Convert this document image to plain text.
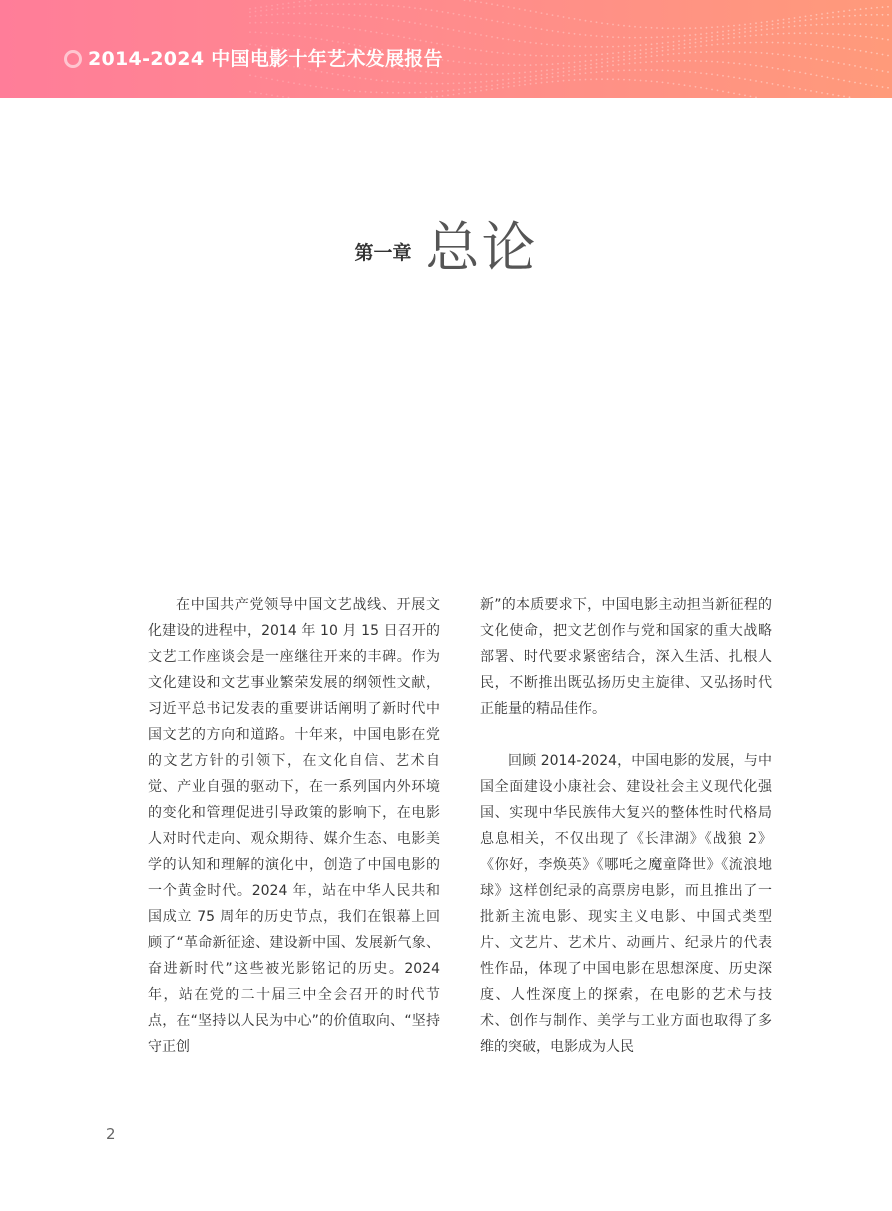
2014-2024 中国电影十年艺术发展报告
第一章 总论

在中国共产党领导中国文艺战线、开展文化建设的进程中，2014 年 10 月 15 日召开的文艺工作座谈会是一座继往开来的丰碑。作为文化建设和文艺事业繁荣发展的纲领性文献，习近平总书记发表的重要讲话阐明了新时代中国文艺的方向和道路。十年来，中国电影在党的文艺方针的引领下，在文化自信、艺术自觉、产业自强的驱动下，在一系列国内外环境的变化和管理促进引导政策的影响下，在电影人对时代走向、观众期待、媒介生态、电影美学的认知和理解的演化中，创造了中国电影的一个黄金时代。2024 年，站在中华人民共和国成立 75 周年的历史节点，我们在银幕上回顾了“革命新征途、建设新中国、发展新气象、奋进新时代”这些被光影铭记的历史。2024 年，站在党的二十届三中全会召开的时代节点，在“坚持以人民为中心”的价值取向、“坚持守正创

新”的本质要求下，中国电影主动担当新征程的文化使命，把文艺创作与党和国家的重大战略部署、时代要求紧密结合，深入生活、扎根人民，不断推出既弘扬历史主旋律、又弘扬时代正能量的精品佳作。

回顾 2014-2024，中国电影的发展，与中国全面建设小康社会、建设社会主义现代化强国、实现中华民族伟大复兴的整体性时代格局息息相关，不仅出现了《长津湖》《战狼 2》《你好，李焕英》《哪吒之魔童降世》《流浪地球》这样创纪录的高票房电影，而且推出了一批新主流电影、现实主义电影、中国式类型片、文艺片、艺术片、动画片、纪录片的代表性作品，体现了中国电影在思想深度、历史深度、人性深度上的探索，在电影的艺术与技术、创作与制作、美学与工业方面也取得了多维的突破，电影成为人民

2
